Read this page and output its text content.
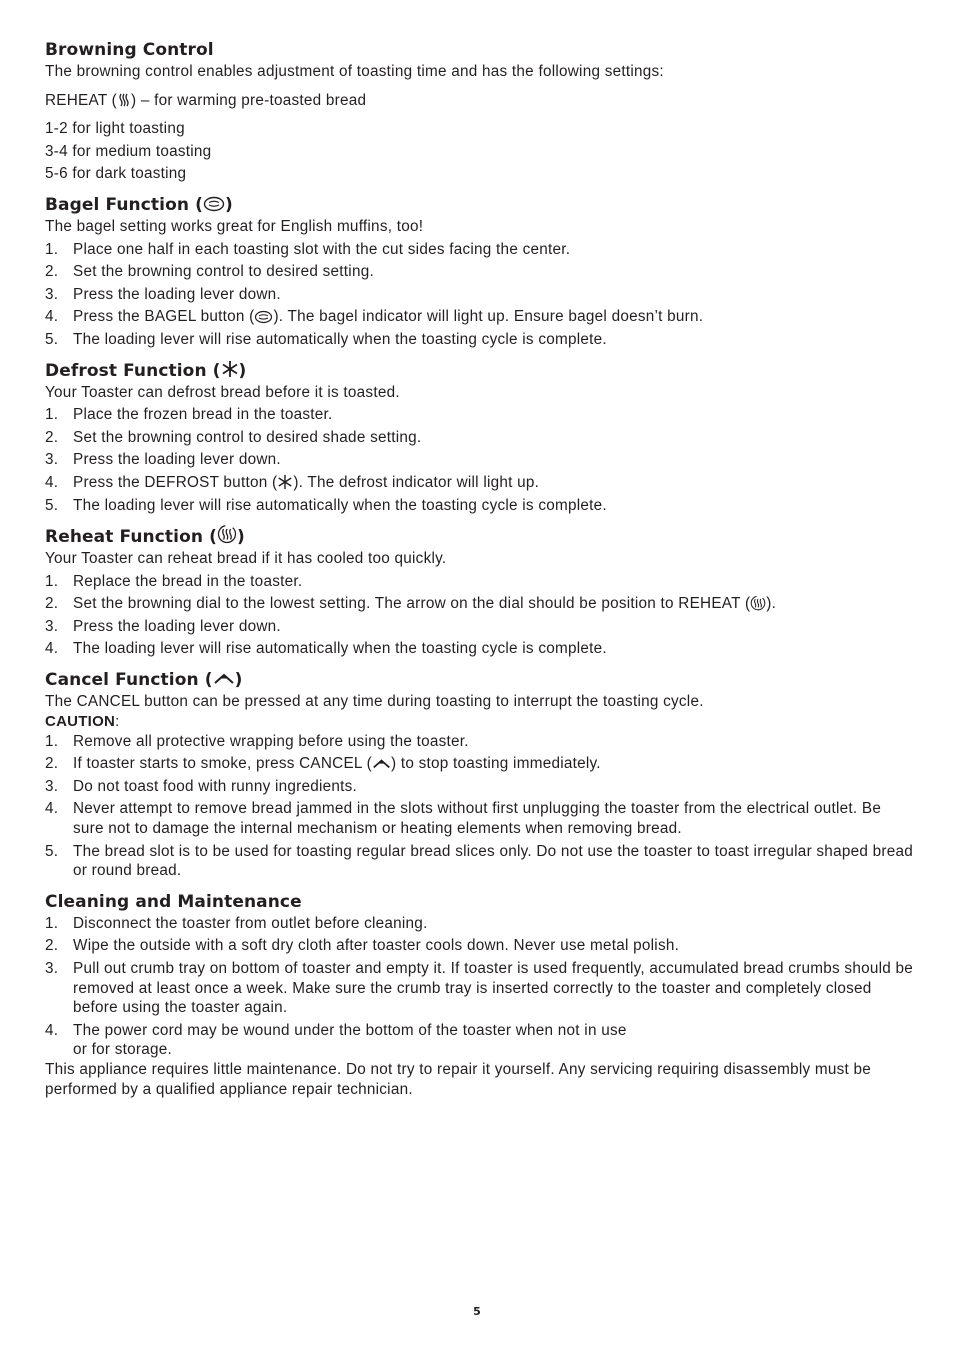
Browning Control

The browning control enables adjustment of toasting time and has the following settings:

REHEAT ( ) – for warming pre-toasted bread

1-2 for light toasting

3-4 for medium toasting

5-6 for dark toasting

Bagel Function ( )

The bagel setting works great for English muffins, too!

1. Place one half in each toasting slot with the cut sides facing the center.
2. Set the browning control to desired setting.
3. Press the loading lever down.
4. Press the BAGEL button ( ). The bagel indicator will light up. Ensure bagel doesn’t burn.
5. The loading lever will rise automatically when the toasting cycle is complete.
Defrost Function ( )

Your Toaster can defrost bread before it is toasted.

1. Place the frozen bread in the toaster.
2. Set the browning control to desired shade setting.
3. Press the loading lever down.
4. Press the DEFROST button ( ). The defrost indicator will light up.
5. The loading lever will rise automatically when the toasting cycle is complete.
Reheat Function ( )

Your Toaster can reheat bread if it has cooled too quickly.

1. Replace the bread in the toaster.
2. Set the browning dial to the lowest setting. The arrow on the dial should be position to REHEAT ( ).
3. Press the loading lever down.
4. The loading lever will rise automatically when the toasting cycle is complete.
Cancel Function ( )

The CANCEL button can be pressed at any time during toasting to interrupt the toasting cycle.

CAUTION:

1. Remove all protective wrapping before using the toaster.
2. If toaster starts to smoke, press CANCEL ( ) to stop toasting immediately.
3. Do not toast food with runny ingredients.
4. Never attempt to remove bread jammed in the slots without first unplugging the toaster from the electrical outlet. Be sure not to damage the internal mechanism or heating elements when removing bread.
5. The bread slot is to be used for toasting regular bread slices only. Do not use the toaster to toast irregular shaped bread or round bread.
Cleaning and Maintenance
1. Disconnect the toaster from outlet before cleaning.
2. Wipe the outside with a soft dry cloth after toaster cools down. Never use metal polish.
3. Pull out crumb tray on bottom of toaster and empty it. If toaster is used frequently, accumulated bread crumbs should be removed at least once a week. Make sure the crumb tray is inserted correctly to the toaster and completely closed before using the toaster again.
4. The power cord may be wound under the bottom of the toaster when not in use
or for storage.

This appliance requires little maintenance. Do not try to repair it yourself. Any servicing requiring disassembly must be performed by a qualified appliance repair technician.

5
